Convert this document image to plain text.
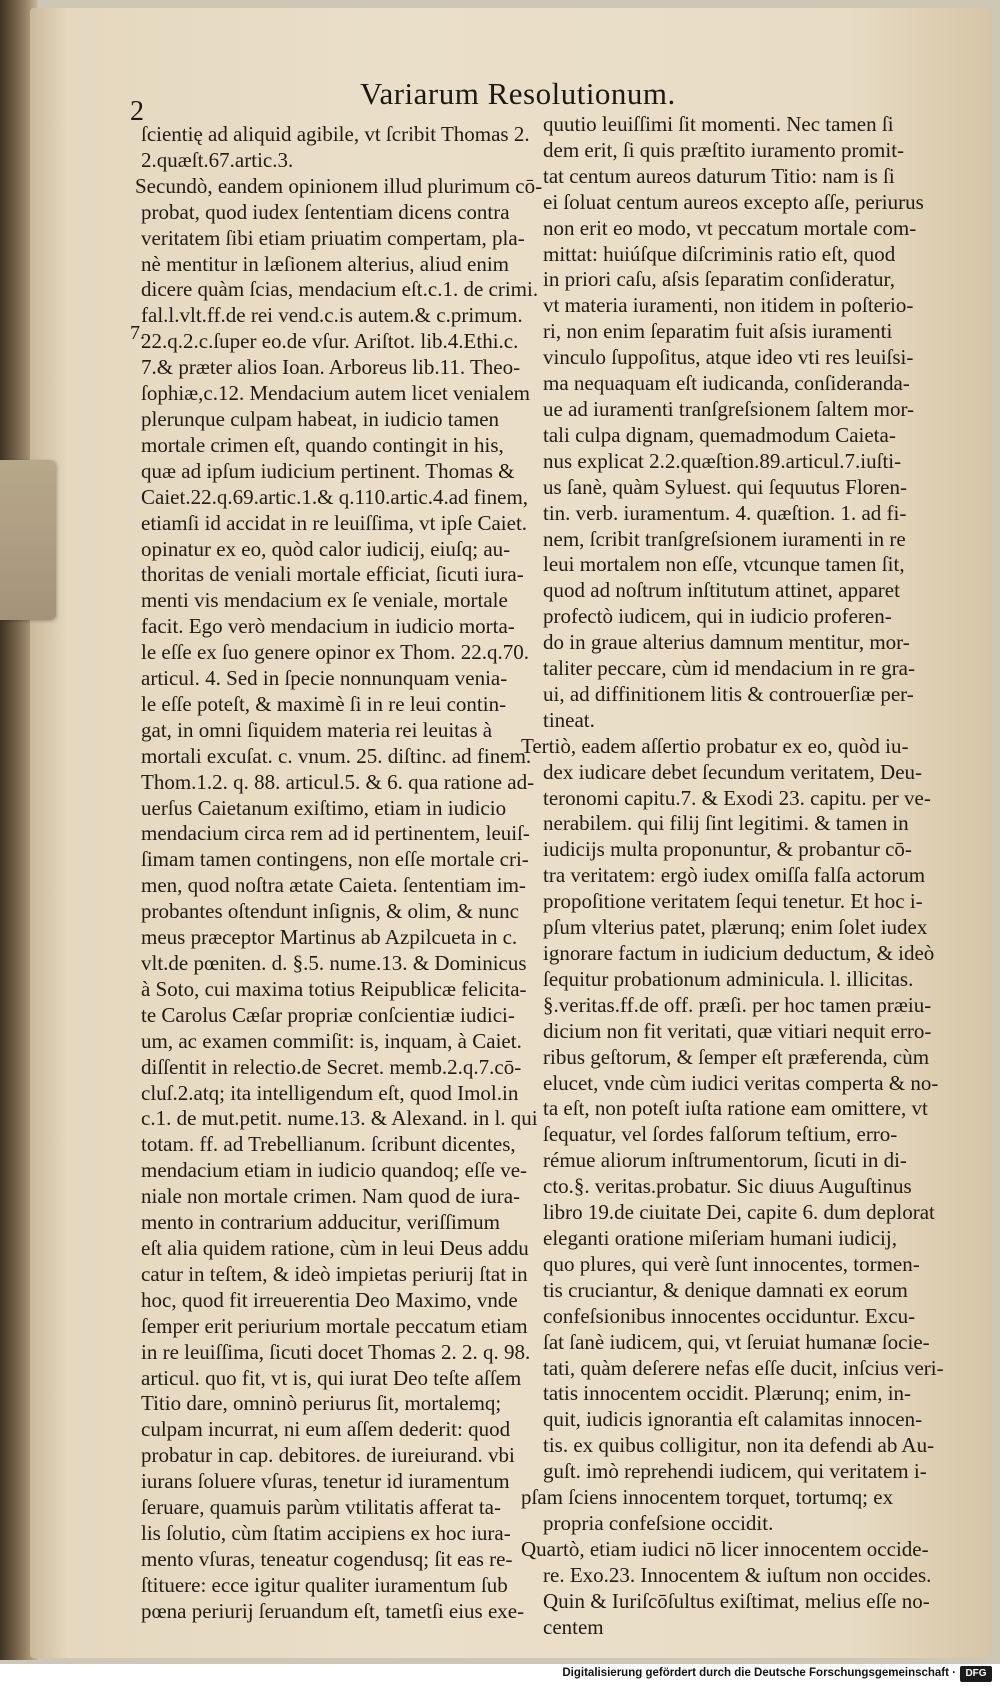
2
Variarum Resolutionum.
7.
ſcientię ad aliquid agibile, vt ſcribit Thomas 2.
2.quæſt.67.artic.3.
Secundò, eandem opinionem illud plurimum cō-
probat, quod iudex ſententiam dicens contra
veritatem ſibi etiam priuatim compertam, pla-
nè mentitur in læſionem alterius, aliud enim
dicere quàm ſcias, mendacium eſt.c.1. de crimi.
fal.l.vlt.ff.de rei vend.c.is autem.& c.primum.
22.q.2.c.ſuper eo.de vſur. Ariſtot. lib.4.Ethi.c.
7.& præter alios Ioan. Arboreus lib.11. Theo-
ſophiæ,c.12. Mendacium autem licet venialem
plerunque culpam habeat, in iudicio tamen
mortale crimen eſt, quando contingit in his,
quæ ad ipſum iudicium pertinent. Thomas &
Caiet.22.q.69.artic.1.& q.110.artic.4.ad finem,
etiamſi id accidat in re leuiſſima, vt ipſe Caiet.
opinatur ex eo, quòd calor iudicij, eiuſq; au-
thoritas de veniali mortale efficiat, ſicuti iura-
menti vis mendacium ex ſe veniale, mortale
facit. Ego verò mendacium in iudicio morta-
le eſſe ex ſuo genere opinor ex Thom. 22.q.70.
articul. 4. Sed in ſpecie nonnunquam venia-
le eſſe poteſt, & maximè ſi in re leui contin-
gat, in omni ſiquidem materia rei leuitas à
mortali excuſat. c. vnum. 25. diſtinc. ad finem.
Thom.1.2. q. 88. articul.5. & 6. qua ratione ad-
uerſus Caietanum exiſtimo, etiam in iudicio
mendacium circa rem ad id pertinentem, leuiſ-
ſimam tamen contingens, non eſſe mortale cri-
men, quod noſtra ætate Caieta. ſententiam im-
probantes oſtendunt inſignis, & olim, & nunc
meus præceptor Martinus ab Azpilcueta in c.
vlt.de pœniten. d. §.5. nume.13. & Dominicus
à Soto, cui maxima totius Reipublicæ felicita-
te Carolus Cæſar propriæ conſcientiæ iudici-
um, ac examen commiſit: is, inquam, à Caiet.
diſſentit in relectio.de Secret. memb.2.q.7.cō-
cluſ.2.atq; ita intelligendum eſt, quod Imol.in
c.1. de mut.petit. nume.13. & Alexand. in l. qui
totam. ff. ad Trebellianum. ſcribunt dicentes,
mendacium etiam in iudicio quandoq; eſſe ve-
niale non mortale crimen. Nam quod de iura-
mento in contrarium adducitur, veriſſimum
eſt alia quidem ratione, cùm in leui Deus addu
catur in teſtem, & ideò impietas periurij ſtat in
hoc, quod fit irreuerentia Deo Maximo, vnde
ſemper erit periurium mortale peccatum etiam
in re leuiſſima, ſicuti docet Thomas 2. 2. q. 98.
articul. quo fit, vt is, qui iurat Deo teſte aſſem
Titio dare, omninò periurus ſit, mortalemq;
culpam incurrat, ni eum aſſem dederit: quod
probatur in cap. debitores. de iureiurand. vbi
iurans ſoluere vſuras, tenetur id iuramentum
ſeruare, quamuis parùm vtilitatis afferat ta-
lis ſolutio, cùm ſtatim accipiens ex hoc iura-
mento vſuras, teneatur cogendusq; ſit eas re-
ſtituere: ecce igitur qualiter iuramentum ſub
pœna periurij ſeruandum eſt, tametſi eius exe-
quutio leuiſſimi ſit momenti. Nec tamen ſi
dem erit, ſi quis præſtito iuramento promit-
tat centum aureos daturum Titio: nam is ſi
ei ſoluat centum aureos excepto aſſe, periurus
non erit eo modo, vt peccatum mortale com-
mittat: huiúſque diſcriminis ratio eſt, quod
in priori caſu, aſsis ſeparatim conſideratur,
vt materia iuramenti, non itidem in poſterio-
ri, non enim ſeparatim fuit aſsis iuramenti
vinculo ſuppoſitus, atque ideo vti res leuiſsi-
ma nequaquam eſt iudicanda, conſideranda-
ue ad iuramenti tranſgreſsionem ſaltem mor-
tali culpa dignam, quemadmodum Caieta-
nus explicat 2.2.quæſtion.89.articul.7.iuſti-
us ſanè, quàm Syluest. qui ſequutus Floren-
tin. verb. iuramentum. 4. quæſtion. 1. ad fi-
nem, ſcribit tranſgreſsionem iuramenti in re
leui mortalem non eſſe, vtcunque tamen ſit,
quod ad noſtrum inſtitutum attinet, apparet
profectò iudicem, qui in iudicio proferen-
do in graue alterius damnum mentitur, mor-
taliter peccare, cùm id mendacium in re gra-
ui, ad diffinitionem litis & controuerſiæ per-
tineat.
Tertiò, eadem aſſertio probatur ex eo, quòd iu-
dex iudicare debet ſecundum veritatem, Deu-
teronomi capitu.7. & Exodi 23. capitu. per ve-
nerabilem. qui filij ſint legitimi. & tamen in
iudicijs multa proponuntur, & probantur cō-
tra veritatem: ergò iudex omiſſa falſa actorum
propoſitione veritatem ſequi tenetur. Et hoc i-
pſum vlterius patet, plærunq; enim ſolet iudex
ignorare factum in iudicium deductum, & ideò
ſequitur probationum adminicula. l. illicitas.
§.veritas.ff.de off. præſi. per hoc tamen præiu-
dicium non fit veritati, quæ vitiari nequit erro-
ribus geſtorum, & ſemper eſt præferenda, cùm
elucet, vnde cùm iudici veritas comperta & no-
ta eſt, non poteſt iuſta ratione eam omittere, vt
ſequatur, vel ſordes falſorum teſtium, erro-
rémue aliorum inſtrumentorum, ſicuti in di-
cto.§. veritas.probatur. Sic diuus Auguſtinus
libro 19.de ciuitate Dei, capite 6. dum deplorat
eleganti oratione miſeriam humani iudicij,
quo plures, qui verè ſunt innocentes, tormen-
tis cruciantur, & denique damnati ex eorum
confeſsionibus innocentes occiduntur. Excu-
ſat ſanè iudicem, qui, vt ſeruiat humanæ ſocie-
tati, quàm deſerere nefas eſſe ducit, inſcius veri-
tatis innocentem occidit. Plærunq; enim, in-
quit, iudicis ignorantia eſt calamitas innocen-
tis. ex quibus colligitur, non ita defendi ab Au-
guſt. imò reprehendi iudicem, qui veritatem i-
pſam ſciens innocentem torquet, tortumq; ex
propria confeſsione occidit.
Quartò, etiam iudici nō licer innocentem occide-
re. Exo.23. Innocentem & iuſtum non occides.
Quin & Iuriſcōſultus exiſtimat, melius eſſe no-
centem
Digitalisierung gefördert durch die Deutsche Forschungsgemeinschaft · DFG
